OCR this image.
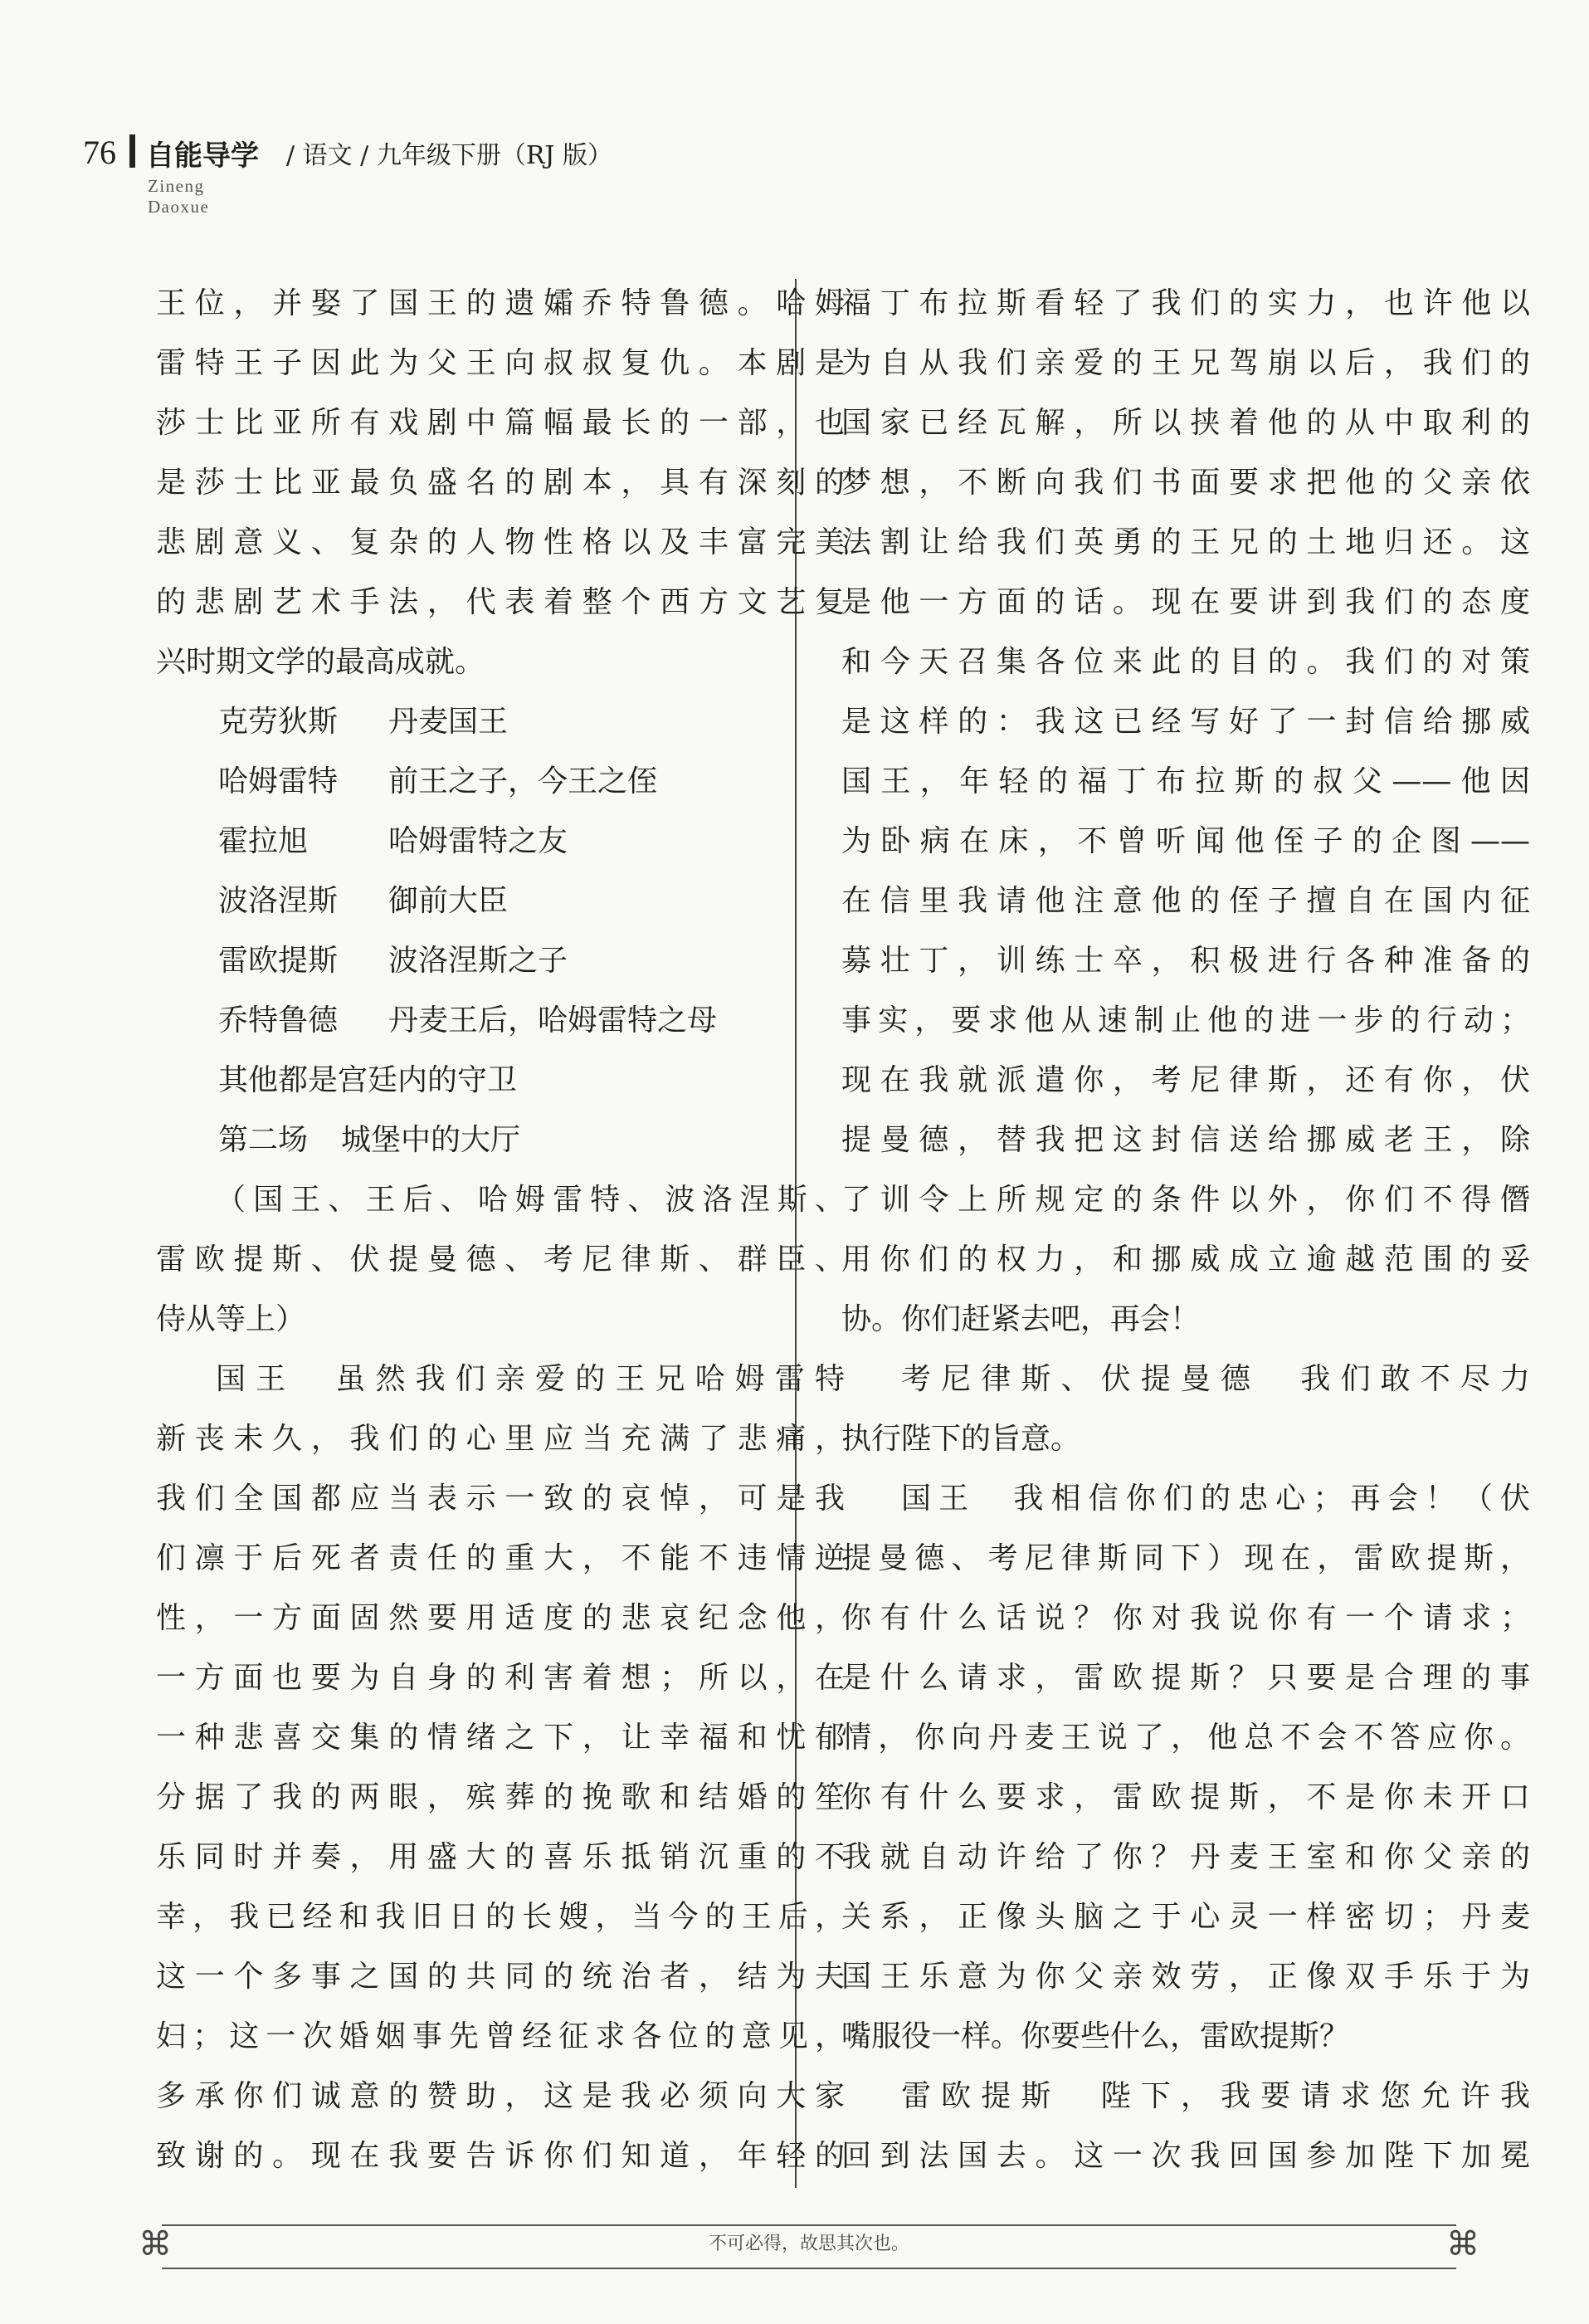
76 自能导学 / 语文 / 九年级下册（RJ 版）
Zineng Daoxue
王位，并娶了国王的遗孀乔特鲁德。哈姆
雷特王子因此为父王向叔叔复仇。本剧是
莎士比亚所有戏剧中篇幅最长的一部，也
是莎士比亚最负盛名的剧本，具有深刻的
悲剧意义、复杂的人物性格以及丰富完美
的悲剧艺术手法，代表着整个西方文艺复
兴时期文学的最高成就。
克劳狄斯 丹麦国王
哈姆雷特 前王之子，今王之侄
霍拉旭	哈姆雷特之友
波洛涅斯 御前大臣
雷欧提斯 波洛涅斯之子
乔特鲁德 丹麦王后，哈姆雷特之母
其他都是宫廷内的守卫
第二场 城堡中的大厅
（国王、王后、哈姆雷特、波洛涅斯、
雷欧提斯、伏提曼德、考尼律斯、群臣、
侍从等上）
国王　虽然我们亲爱的王兄哈姆雷特
新丧未久，我们的心里应当充满了悲痛，
我们全国都应当表示一致的哀悼，可是我
们凛于后死者责任的重大，不能不违情逆
性，一方面固然要用适度的悲哀纪念他，
一方面也要为自身的利害着想；所以，在
一种悲喜交集的情绪之下，让幸福和忧郁
分据了我的两眼，殡葬的挽歌和结婚的笙
乐同时并奏，用盛大的喜乐抵销沉重的不
幸，我已经和我旧日的长嫂，当今的王后，
这一个多事之国的共同的统治者，结为夫
妇；这一次婚姻事先曾经征求各位的意见，
多承你们诚意的赞助，这是我必须向大家
致谢的。现在我要告诉你们知道，年轻的
福丁布拉斯看轻了我们的实力，也许他以
为自从我们亲爱的王兄驾崩以后，我们的
国家已经瓦解，所以挟着他的从中取利的
梦想，不断向我们书面要求把他的父亲依
法割让给我们英勇的王兄的土地归还。这
是他一方面的话。现在要讲到我们的态度
和今天召集各位来此的目的。我们的对策
是这样的：我这已经写好了一封信给挪威
国王，年轻的福丁布拉斯的叔父——他因
为卧病在床，不曾听闻他侄子的企图——
在信里我请他注意他的侄子擅自在国内征
募壮丁，训练士卒，积极进行各种准备的
事实，要求他从速制止他的进一步的行动；
现在我就派遣你，考尼律斯，还有你，伏
提曼德，替我把这封信送给挪威老王，除
了训令上所规定的条件以外，你们不得僭
用你们的权力，和挪威成立逾越范围的妥
协。你们赶紧去吧，再会！
考尼律斯、伏提曼德　我们敢不尽力
执行陛下的旨意。
国王　我相信你们的忠心；再会！（伏
提曼德、考尼律斯同下）现在，雷欧提斯，
你有什么话说？你对我说你有一个请求；
是什么请求，雷欧提斯？只要是合理的事
情，你向丹麦王说了，他总不会不答应你。
你有什么要求，雷欧提斯，不是你未开口
我就自动许给了你？丹麦王室和你父亲的
关系，正像头脑之于心灵一样密切；丹麦
国王乐意为你父亲效劳，正像双手乐于为
嘴服役一样。你要些什么，雷欧提斯？
雷欧提斯　陛下，我要请求您允许我
回到法国去。这一次我回国参加陛下加冕
⌘	⌘
不可必得，故思其次也。
